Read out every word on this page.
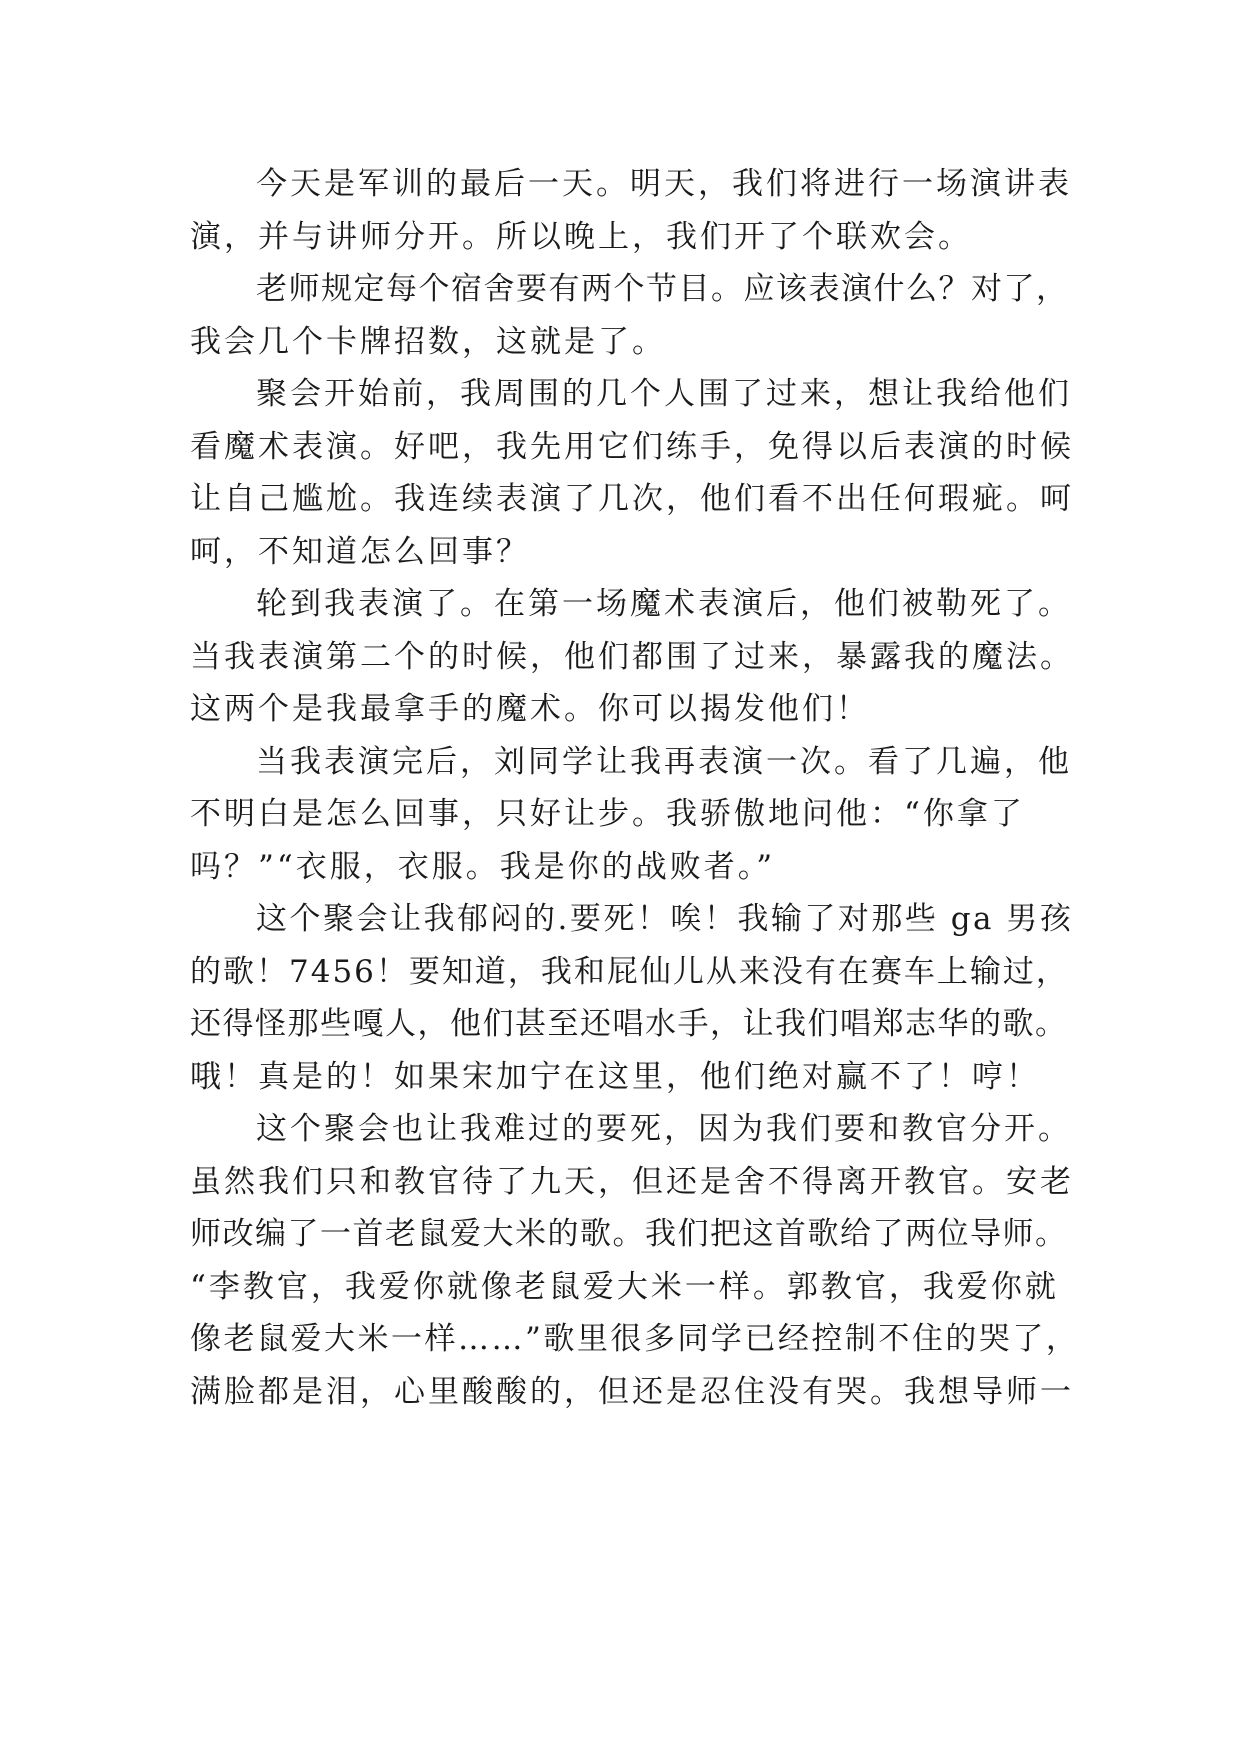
今天是军训的最后一天。明天，我们将进行一场演讲表
演，并与讲师分开。所以晚上，我们开了个联欢会。
老师规定每个宿舍要有两个节目。应该表演什么？对了，
我会几个卡牌招数，这就是了。
聚会开始前，我周围的几个人围了过来，想让我给他们
看魔术表演。好吧，我先用它们练手，免得以后表演的时候
让自己尴尬。我连续表演了几次，他们看不出任何瑕疵。呵
呵，不知道怎么回事？
轮到我表演了。在第一场魔术表演后，他们被勒死了。
当我表演第二个的时候，他们都围了过来，暴露我的魔法。
这两个是我最拿手的魔术。你可以揭发他们！
当我表演完后，刘同学让我再表演一次。看了几遍，他
不明白是怎么回事，只好让步。我骄傲地问他：“你拿了
吗？”“衣服，衣服。我是你的战败者。”
这个聚会让我郁闷的.要死！唉！我输了对那些 ga 男孩
的歌！7456！要知道，我和屁仙儿从来没有在赛车上输过，
还得怪那些嘎人，他们甚至还唱水手，让我们唱郑志华的歌。
哦！真是的！如果宋加宁在这里，他们绝对赢不了！哼！
这个聚会也让我难过的要死，因为我们要和教官分开。
虽然我们只和教官待了九天，但还是舍不得离开教官。安老
师改编了一首老鼠爱大米的歌。我们把这首歌给了两位导师。
“李教官，我爱你就像老鼠爱大米一样。郭教官，我爱你就
像老鼠爱大米一样……”歌里很多同学已经控制不住的哭了，
满脸都是泪，心里酸酸的，但还是忍住没有哭。我想导师一
